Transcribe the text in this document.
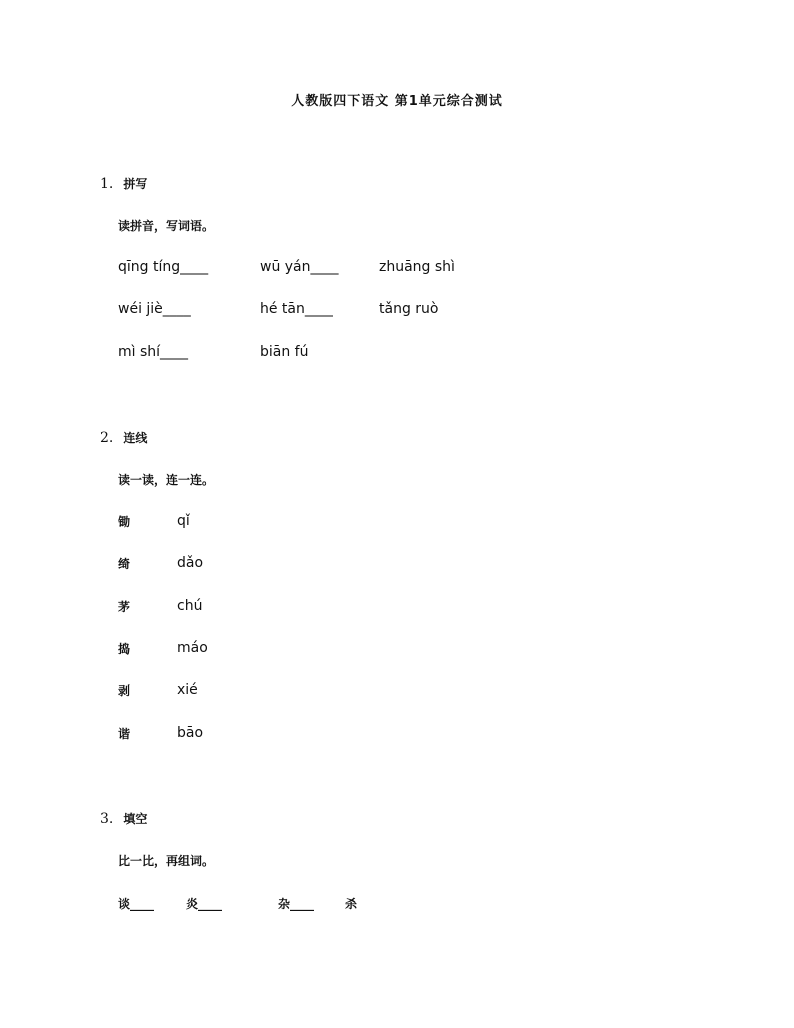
人教版四下语文 第1单元综合测试
1. 拼写
读拼音，写词语。
qīng tíng____	wū yán____	zhuāng shì
wéi jiè____	hé tān____	tǎng ruò
mì shí____	biān fú
2. 连线
读一读，连一连。
锄	qǐ
绮	dǎo
茅	chú
捣	máo
剥	xié
谐	bāo
3. 填空
比一比，再组词。
谈____	炎____	杂____	杀
